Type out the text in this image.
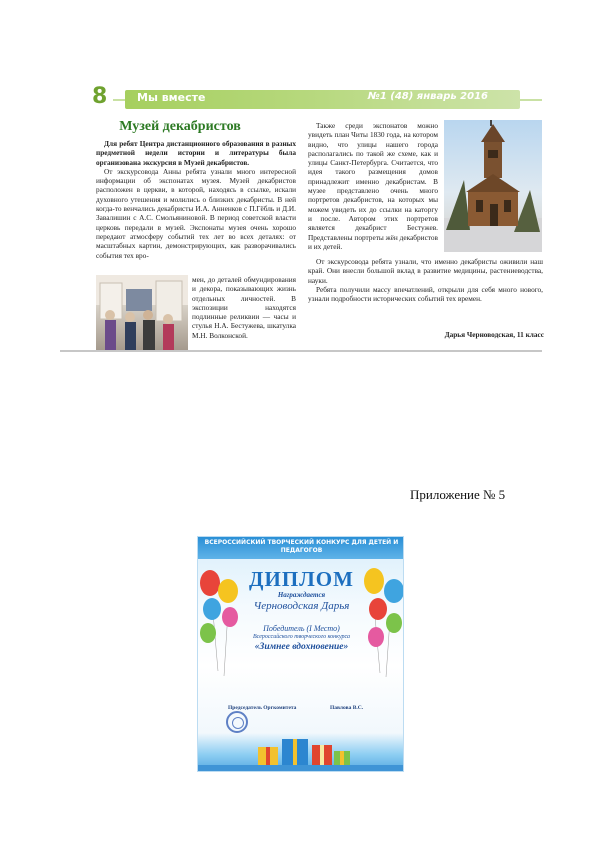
8	Мы вместе	№1 (48) январь 2016
Музей декабристов

Для ребят Центра дистанционного образования в разных предметной недели истории и литературы была организована экскурсия в Музей декабристов.

От экскурсовода Анны ребята узнали много интересной информации об экспонатах музея. Музей декабристов расположен в церкви, в которой, находясь в ссылке, искали духовного утешения и молились о близких декабристы. В ней когда-то венчались декабристы И.А. Анненков с П.Гёбль и Д.И. Завалишин с А.С. Смольяниновой. В период советской власти церковь передали в музей. Экспонаты музея очень хорошо передают атмосферу событий тех лет во всех деталях: от масштабных картин, демонстрирующих, как разворачивались события тех вро-

мен, до деталей обмундирования и декора, показывающих жизнь отдельных личностей. В экспозиции находятся подлинные реликвии — часы и стулья Н.А. Бестужева, шкатулка М.Н. Волконской.

Также среди экспонатов можно увидеть план Читы 1830 года, на котором видно, что улицы нашего города располагались по такой же схеме, как и улицы Санкт-Петербурга. Считается, что идея такого размещения домов принадлежит именно декабристам. В музее представлено очень много портретов декабристов, на которых мы можем увидеть их до ссылки на каторгу и после. Автором этих портретов является декабрист Бестужев. Представлены портреты жён декабристов и их детей.

От экскурсовода ребята узнали, что именно декабристы оживили наш край. Они внесли большой вклад в развитие медицины, растениеводства, науки.

Ребята получили массу впечатлений, открыли для себя много нового, узнали подробности исторических событий тех времен.

Дарья Черноводская, 11 класс
Приложение № 5
ВСЕРОССИЙСКИЙ ТВОРЧЕСКИЙ КОНКУРС ДЛЯ ДЕТЕЙ И ПЕДАГОГОВ
ДИПЛОМ
Награждается
Черноводская Дарья
Победитель (I Место)
Всероссийского творческого конкурса
«Зимнее вдохновение»
Председатель Оргкомитета	Павлова В.С.
